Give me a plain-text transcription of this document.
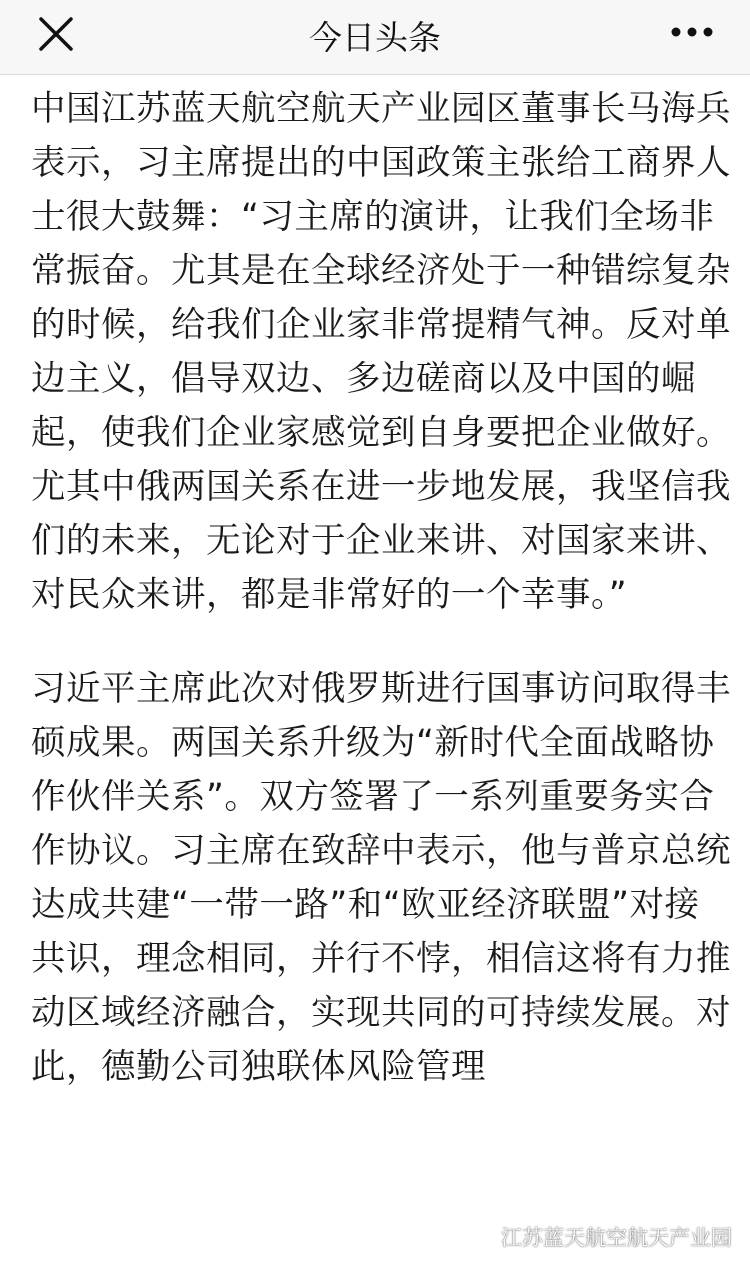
今日头条

中国江苏蓝天航空航天产业园区董事长马海兵表示，习主席提出的中国政策主张给工商界人士很大鼓舞：“习主席的演讲，让我们全场非常振奋。尤其是在全球经济处于一种错综复杂的时候，给我们企业家非常提精气神。反对单边主义，倡导双边、多边磋商以及中国的崛起，使我们企业家感觉到自身要把企业做好。尤其中俄两国关系在进一步地发展，我坚信我们的未来，无论对于企业来讲、对国家来讲、对民众来讲，都是非常好的一个幸事。”

习近平主席此次对俄罗斯进行国事访问取得丰硕成果。两国关系升级为“新时代全面战略协作伙伴关系”。双方签署了一系列重要务实合作协议。习主席在致辞中表示，他与普京总统达成共建“一带一路”和“欧亚经济联盟”对接共识，理念相同，并行不悖，相信这将有力推动区域经济融合，实现共同的可持续发展。对此，德勤公司独联体风险管理

江苏蓝天航空航天产业园
